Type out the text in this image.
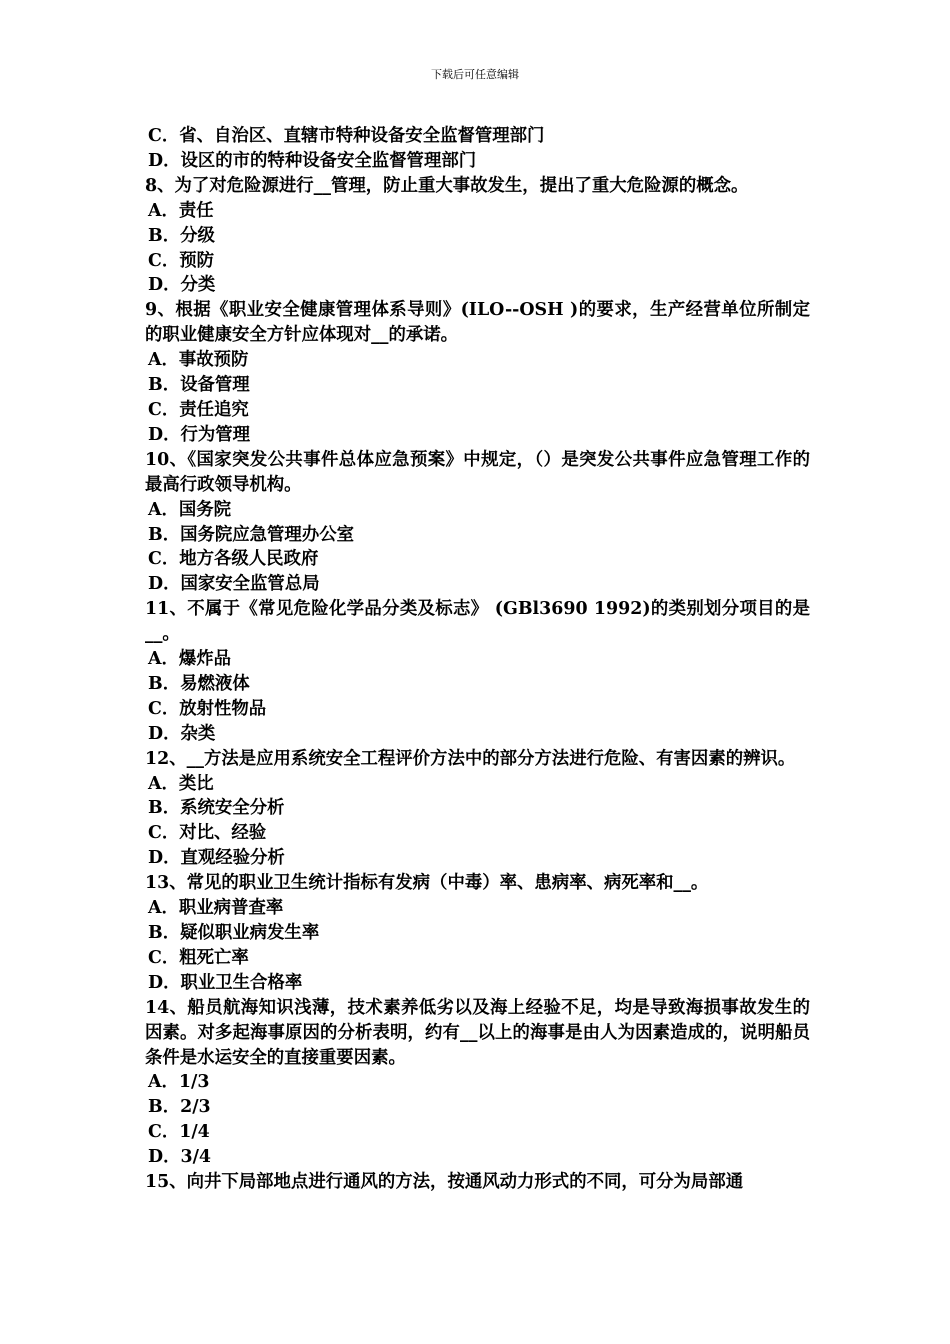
下载后可任意编辑
C．省、自治区、直辖市特种设备安全监督管理部门
D．设区的市的特种设备安全监督管理部门
8、为了对危险源进行__管理，防止重大事故发生，提出了重大危险源的概念。
A．责任
B．分级
C．预防
D．分类
9、根据《职业安全健康管理体系导则》(ILO--OSH )的要求，生产经营单位所制定的职业健康安全方针应体现对__的承诺。
A．事故预防
B．设备管理
C．责任追究
D．行为管理
10、《国家突发公共事件总体应急预案》中规定，（）是突发公共事件应急管理工作的最高行政领导机构。
A．国务院
B．国务院应急管理办公室
C．地方各级人民政府
D．国家安全监管总局
11、不属于《常见危险化学品分类及标志》 (GBl3690 1992)的类别划分项目的是__。
A．爆炸品
B．易燃液体
C．放射性物品
D．杂类
12、__方法是应用系统安全工程评价方法中的部分方法进行危险、有害因素的辨识。
A．类比
B．系统安全分析
C．对比、经验
D．直观经验分析
13、常见的职业卫生统计指标有发病（中毒）率、患病率、病死率和__。
A．职业病普查率
B．疑似职业病发生率
C．粗死亡率
D．职业卫生合格率
14、船员航海知识浅薄，技术素养低劣以及海上经验不足，均是导致海损事故发生的因素。对多起海事原因的分析表明，约有__以上的海事是由人为因素造成的，说明船员条件是水运安全的直接重要因素。
A．1/3
B．2/3
C．1/4
D．3/4
15、向井下局部地点进行通风的方法，按通风动力形式的不同，可分为局部通
